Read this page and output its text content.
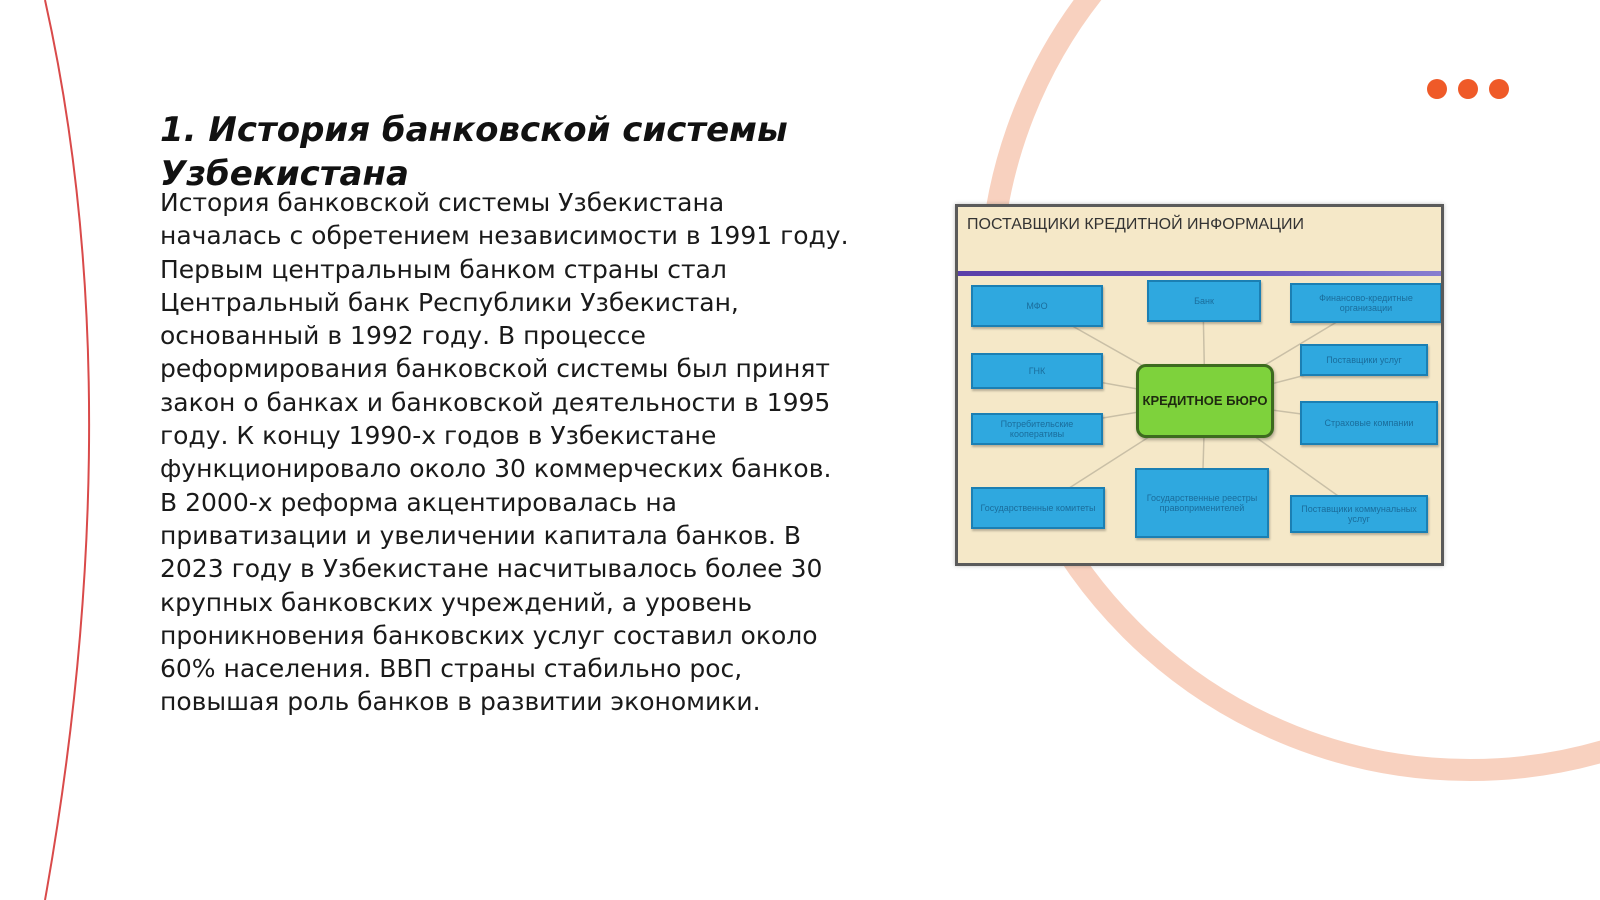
1. История банковской системы Узбекистана

История банковской системы Узбекистана началась с обретением независимости в 1991 году. Первым центральным банком страны стал Центральный банк Республики Узбекистан, основанный в 1992 году. В процессе реформирования банковской системы был принят закон о банках и банковской деятельности в 1995 году. К концу 1990-х годов в Узбекистане функционировало около 30 коммерческих банков. В 2000-х реформа акцентировалась на приватизации и увеличении капитала банков. В 2023 году в Узбекистане насчитывалось более 30 крупных банковских учреждений, а уровень проникновения банковских услуг составил около 60% населения. ВВП страны стабильно рос, повышая роль банков в развитии экономики.

ПОСТАВЩИКИ КРЕДИТНОЙ ИНФОРМАЦИИ
МФО
ГНК
Потребительские кооперативы
Государственные комитеты
Банк
Государственные реестры правоприменителей
Финансово-кредитные организации
Поставщики услуг
Страховые компании
Поставщики коммунальных услуг
КРЕДИТНОЕ БЮРО
